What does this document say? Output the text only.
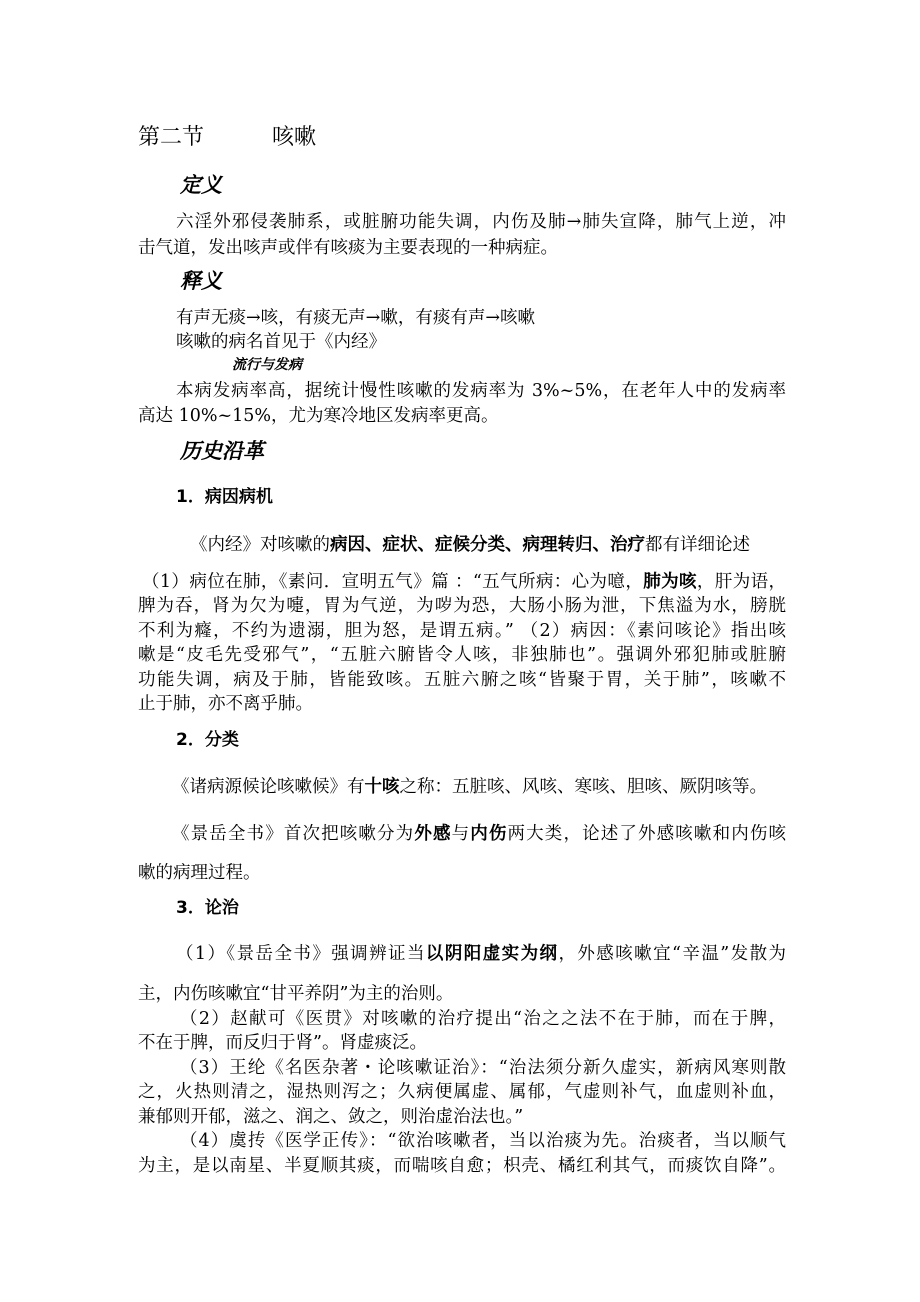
第二节	咳嗽
定义
六淫外邪侵袭肺系，或脏腑功能失调，内伤及肺→肺失宣降，肺气上逆，冲
击气道，发出咳声或伴有咳痰为主要表现的一种病症。
释义
有声无痰→咳，有痰无声→嗽，有痰有声→咳嗽
咳嗽的病名首见于《内经》
流行与发病
本病发病率高，据统计慢性咳嗽的发病率为 3%~5%，在老年人中的发病率
高达 10%~15%，尤为寒冷地区发病率更高。
历史沿革
1．病因病机
《内经》对咳嗽的病因、症状、症候分类、病理转归、治疗都有详细论述
（1）病位在肺，《素问．宣明五气》篇 ：“五气所病：心为噫，肺为咳，肝为语，
脾为吞，肾为欠为嚏，胃为气逆，为哕为恐，大肠小肠为泄，下焦溢为水，膀胱
不利为癃，不约为遗溺，胆为怒，是谓五病。” （2）病因：《素问咳论》指出咳
嗽是“皮毛先受邪气”，“五脏六腑皆令人咳，非独肺也”。强调外邪犯肺或脏腑
功能失调，病及于肺，皆能致咳。五脏六腑之咳“皆聚于胃，关于肺”，咳嗽不
止于肺，亦不离乎肺。
2．分类
《诸病源候论咳嗽候》有十咳之称：五脏咳、风咳、寒咳、胆咳、厥阴咳等。
《景岳全书》首次把咳嗽分为外感与内伤两大类，论述了外感咳嗽和内伤咳
嗽的病理过程。
3．论治
（1）《景岳全书》强调辨证当以阴阳虚实为纲，外感咳嗽宜“辛温”发散为
主，内伤咳嗽宜“甘平养阴”为主的治则。
（2）赵献可《医贯》对咳嗽的治疗提出“治之之法不在于肺，而在于脾，
不在于脾，而反归于肾”。肾虚痰泛。
（3）王纶《名医杂著・论咳嗽证治》：“治法须分新久虚实，新病风寒则散
之，火热则清之，湿热则泻之；久病便属虚、属郁，气虚则补气，血虚则补血，
兼郁则开郁，滋之、润之、敛之，则治虚治法也。”
（4）虞抟《医学正传》：“欲治咳嗽者，当以治痰为先。治痰者，当以顺气
为主，是以南星、半夏顺其痰，而喘咳自愈；枳壳、橘红利其气，而痰饮自降”。
